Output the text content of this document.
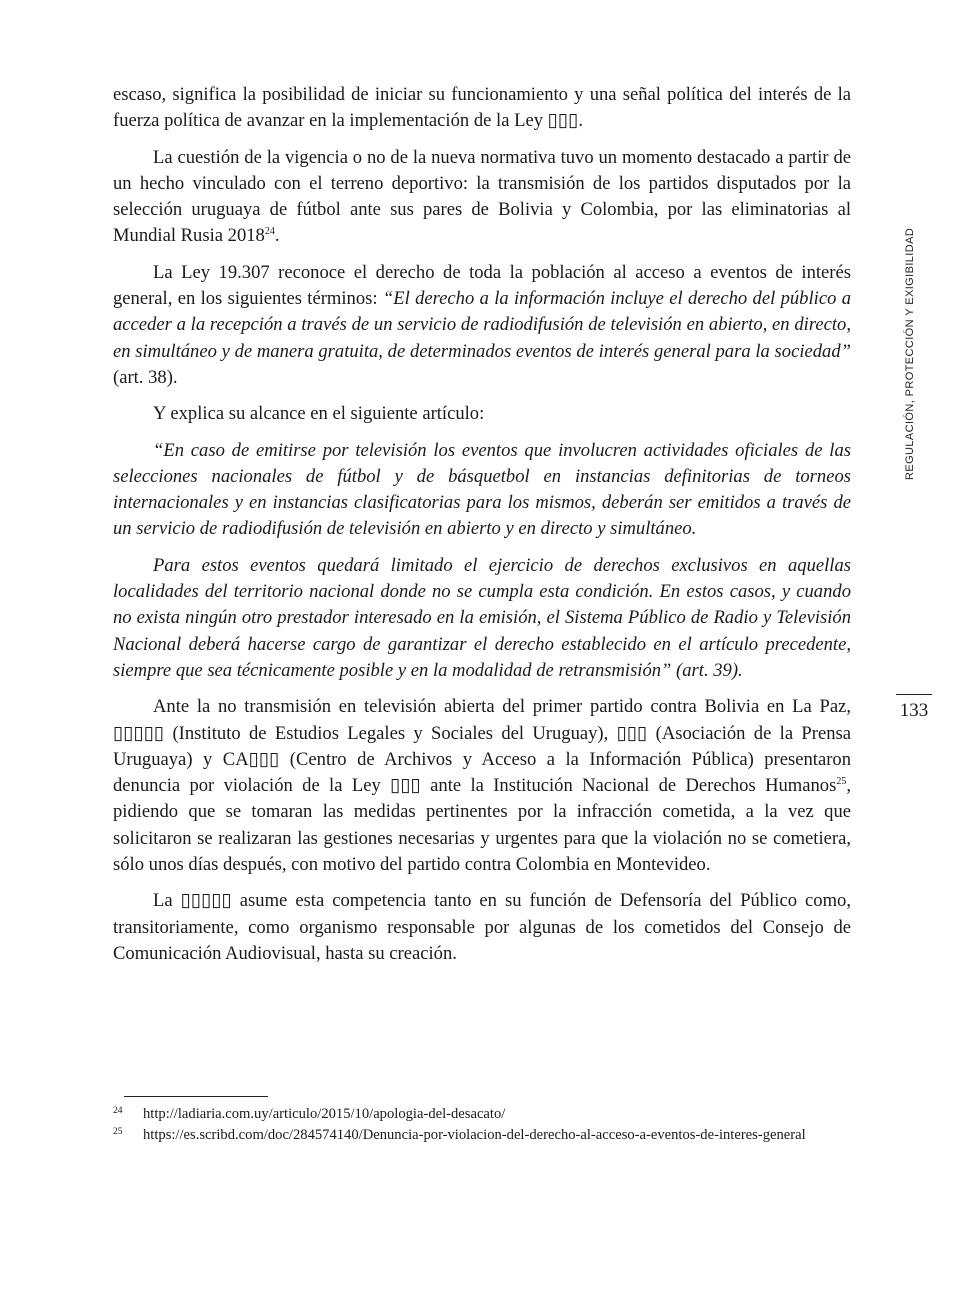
REGULACIÓN, PROTECCIÓN Y EXIGIBILIDAD
133

escaso, significa la posibilidad de iniciar su funcionamiento y una señal política del interés de la fuerza política de avanzar en la implementación de la Ley ▯▯▯.

La cuestión de la vigencia o no de la nueva normativa tuvo un momento destacado a partir de un hecho vinculado con el terreno deportivo: la transmisión de los partidos disputados por la selección uruguaya de fútbol ante sus pares de Bolivia y Colombia, por las eliminatorias al Mundial Rusia 2018$^{24}$.

La Ley 19.307 reconoce el derecho de toda la población al acceso a eventos de interés general, en los siguientes términos: “El derecho a la información incluye el derecho del público a acceder a la recepción a través de un servicio de radiodifusión de televisión en abierto, en directo, en simultáneo y de manera gratuita, de determinados eventos de interés general para la sociedad” (art. 38).

Y explica su alcance en el siguiente artículo:

“En caso de emitirse por televisión los eventos que involucren actividades oficiales de las selecciones nacionales de fútbol y de básquetbol en instancias definitorias de torneos internacionales y en instancias clasificatorias para los mismos, deberán ser emitidos a través de un servicio de radiodifusión de televisión en abierto y en directo y simultáneo.

Para estos eventos quedará limitado el ejercicio de derechos exclusivos en aquellas localidades del territorio nacional donde no se cumpla esta condición. En estos casos, y cuando no exista ningún otro prestador interesado en la emisión, el Sistema Público de Radio y Televisión Nacional deberá hacerse cargo de garantizar el derecho establecido en el artículo precedente, siempre que sea técnicamente posible y en la modalidad de retransmisión” (art. 39).

Ante la no transmisión en televisión abierta del primer partido contra Bolivia en La Paz, ▯▯▯▯▯ (Instituto de Estudios Legales y Sociales del Uruguay), ▯▯▯ (Asociación de la Prensa Uruguaya) y CA▯▯▯ (Centro de Archivos y Acceso a la Información Pública) presentaron denuncia por violación de la Ley ▯▯▯ ante la Institución Nacional de Derechos Humanos$^{25}$, pidiendo que se tomaran las medidas pertinentes por la infracción cometida, a la vez que solicitaron se realizaran las gestiones necesarias y urgentes para que la violación no se cometiera, sólo unos días después, con motivo del partido contra Colombia en Montevideo.

La ▯▯▯▯▯ asume esta competencia tanto en su función de Defensoría del Público como, transitoriamente, como organismo responsable por algunas de los cometidos del Consejo de Comunicación Audiovisual, hasta su creación.

24 http://ladiaria.com.uy/articulo/2015/10/apologia-del-desacato/

25 https://es.scribd.com/doc/284574140/Denuncia-por-violacion-del-derecho-al-acceso-a-eventos-de-interes-general
